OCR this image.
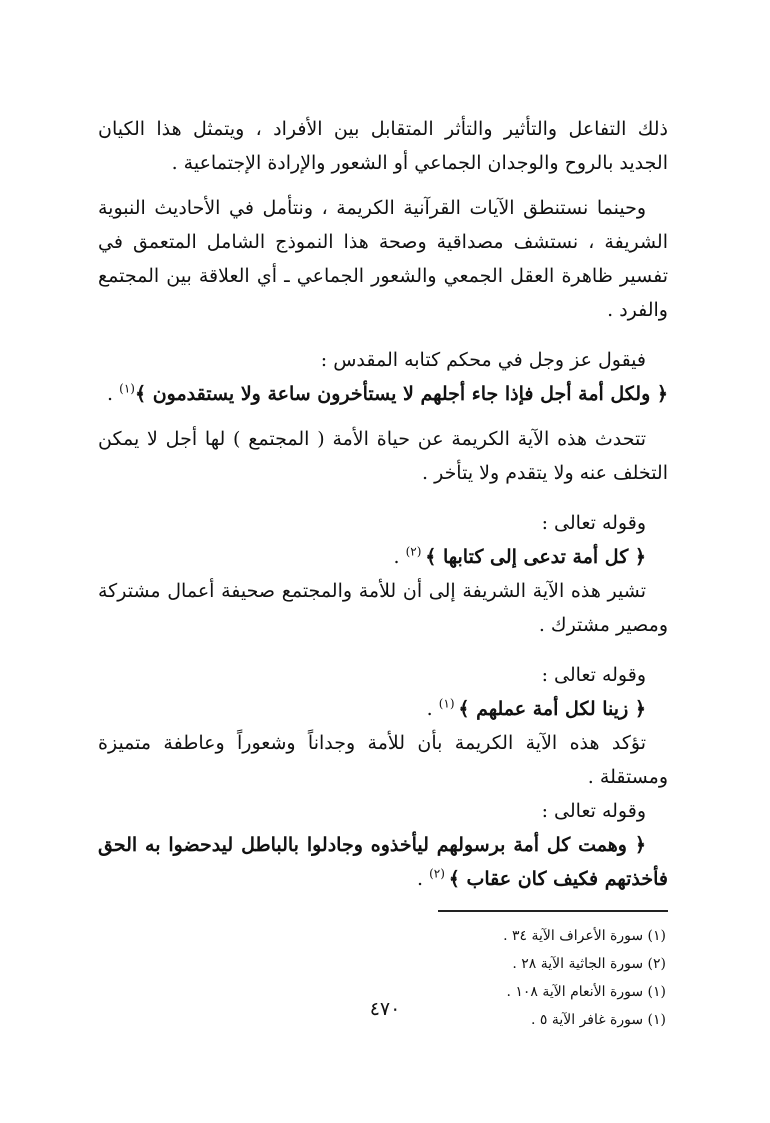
ذلك التفاعل والتأثير والتأثر المتقابل بين الأفراد ، ويتمثل هذا الكيان الجديد بالروح والوجدان الجماعي أو الشعور والإرادة الإجتماعية .

وحينما نستنطق الآيات القرآنية الكريمة ، ونتأمل في الأحاديث النبوية الشريفة ، نستشف مصداقية وصحة هذا النموذج الشامل المتعمق في تفسير ظاهرة العقل الجمعي والشعور الجماعي ـ أي العلاقة بين المجتمع والفرد .

فيقول عز وجل في محكم كتابه المقدس :

﴿ ولكل أمة أجل فإذا جاء أجلهم لا يستأخرون ساعة ولا يستقدمون ﴾$^{(١)}$ .

تتحدث هذه الآية الكريمة عن حياة الأمة ( المجتمع ) لها أجل لا يمكن التخلف عنه ولا يتقدم ولا يتأخر .

وقوله تعالى :

﴿ كل أمة تدعى إلى كتابها ﴾ $^{(٢)}$ .

تشير هذه الآية الشريفة إلى أن للأمة والمجتمع صحيفة أعمال مشتركة ومصير مشترك .

وقوله تعالى :

﴿ زينا لكل أمة عملهم ﴾ $^{(١)}$ .

تؤكد هذه الآية الكريمة بأن للأمة وجداناً وشعوراً وعاطفة متميزة ومستقلة .

وقوله تعالى :

﴿ وهمت كل أمة برسولهم ليأخذوه وجادلوا بالباطل ليدحضوا به الحق فأخذتهم فكيف كان عقاب ﴾ $^{(٢)}$ .

(١) سورة الأعراف الآية ٣٤ .

(٢) سورة الجاثية الآية ٢٨ .

(١) سورة الأنعام الآية ١٠٨ .

(١) سورة غافر الآية ٥ .

٤٧٠
